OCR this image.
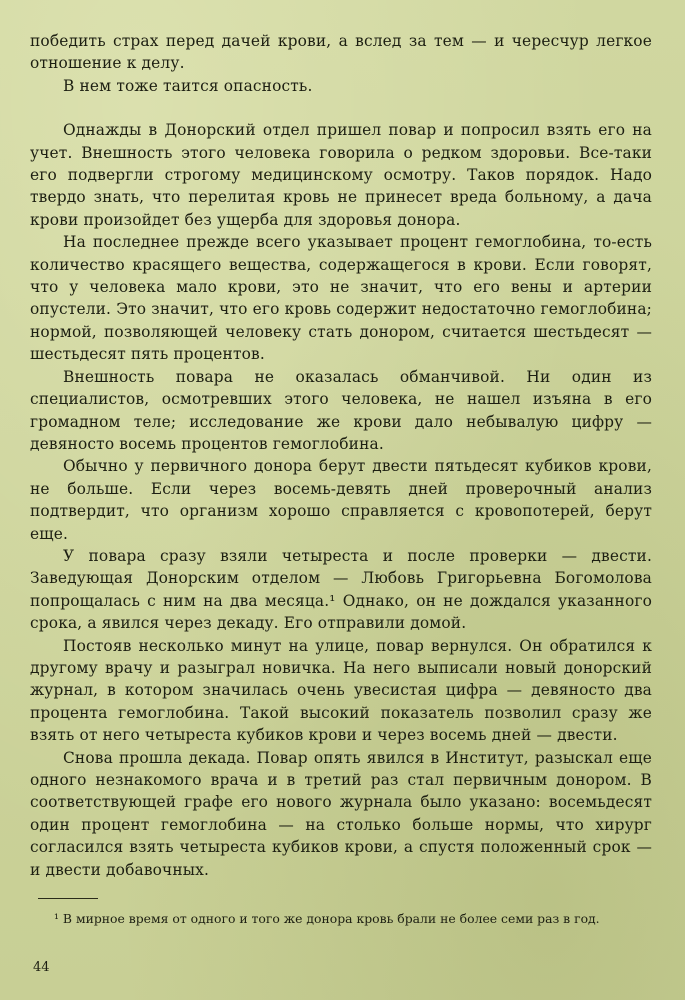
победить страх перед дачей крови, а вслед за тем — и чересчур легкое отношение к делу.

В нем тоже таится опасность.

Однажды в Донорский отдел пришел повар и попросил взять его на учет. Внешность этого человека говорила о редком здоровьи. Все-таки его подвергли строгому медицинскому осмотру. Таков порядок. Надо твердо знать, что перелитая кровь не принесет вреда больному, а дача крови произойдет без ущерба для здоровья донора.

На последнее прежде всего указывает процент гемоглобина, то-есть количество красящего вещества, содержащегося в крови. Если говорят, что у человека мало крови, это не значит, что его вены и артерии опустели. Это значит, что его кровь содержит недостаточно гемоглобина; нормой, позволяющей человеку стать донором, считается шестьдесят — шестьдесят пять процентов.

Внешность повара не оказалась обманчивой. Ни один из специалистов, осмотревших этого человека, не нашел изъяна в его громадном теле; исследование же крови дало небывалую цифру — девяносто восемь процентов гемоглобина.

Обычно у первичного донора берут двести пятьдесят кубиков крови, не больше. Если через восемь-девять дней проверочный анализ подтвердит, что организм хорошо справляется с кровопотерей, берут еще.

У повара сразу взяли четыреста и после проверки — двести. Заведующая Донорским отделом — Любовь Григорьевна Богомолова попрощалась с ним на два месяца.¹ Однако, он не дождался указанного срока, а явился через декаду. Его отправили домой.

Постояв несколько минут на улице, повар вернулся. Он обратился к другому врачу и разыграл новичка. На него выписали новый донорский журнал, в котором значилась очень увесистая цифра — девяносто два процента гемоглобина. Такой высокий показатель позволил сразу же взять от него четыреста кубиков крови и через восемь дней — двести.

Снова прошла декада. Повар опять явился в Институт, разыскал еще одного незнакомого врача и в третий раз стал первичным донором. В соответствующей графе его нового журнала было указано: восемьдесят один процент гемоглобина — на столько больше нормы, что хирург согласился взять четыреста кубиков крови, а спустя положенный срок — и двести добавочных.

¹ В мирное время от одного и того же донора кровь брали не более семи раз в год.

44
